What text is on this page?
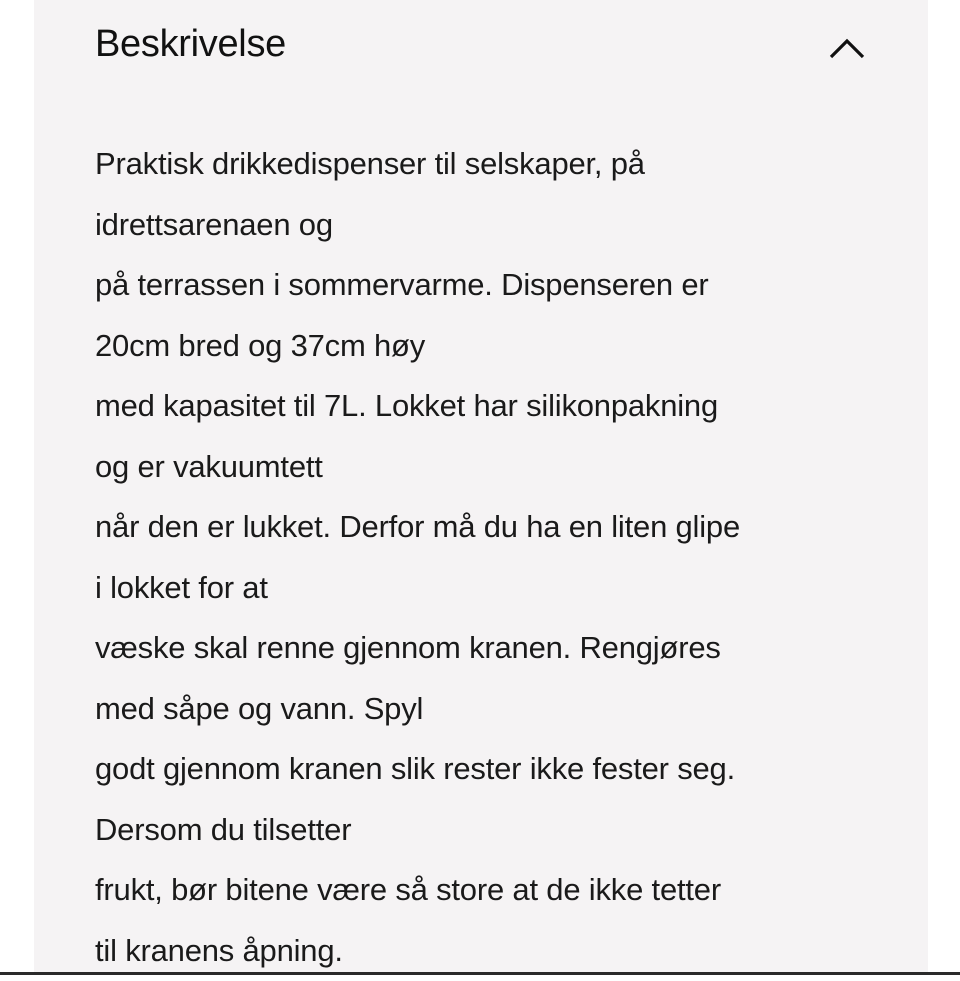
Beskrivelse
Praktisk drikkedispenser til selskaper, på
idrettsarenaen og
på terrassen i sommervarme. Dispenseren er
20cm bred og 37cm høy
med kapasitet til 7L. Lokket har silikonpakning
og er vakuumtett
når den er lukket. Derfor må du ha en liten glipe
i lokket for at
væske skal renne gjennom kranen. Rengjøres
med såpe og vann. Spyl
godt gjennom kranen slik rester ikke fester seg.
Dersom du tilsetter
frukt, bør bitene være så store at de ikke tetter
til kranens åpning.
